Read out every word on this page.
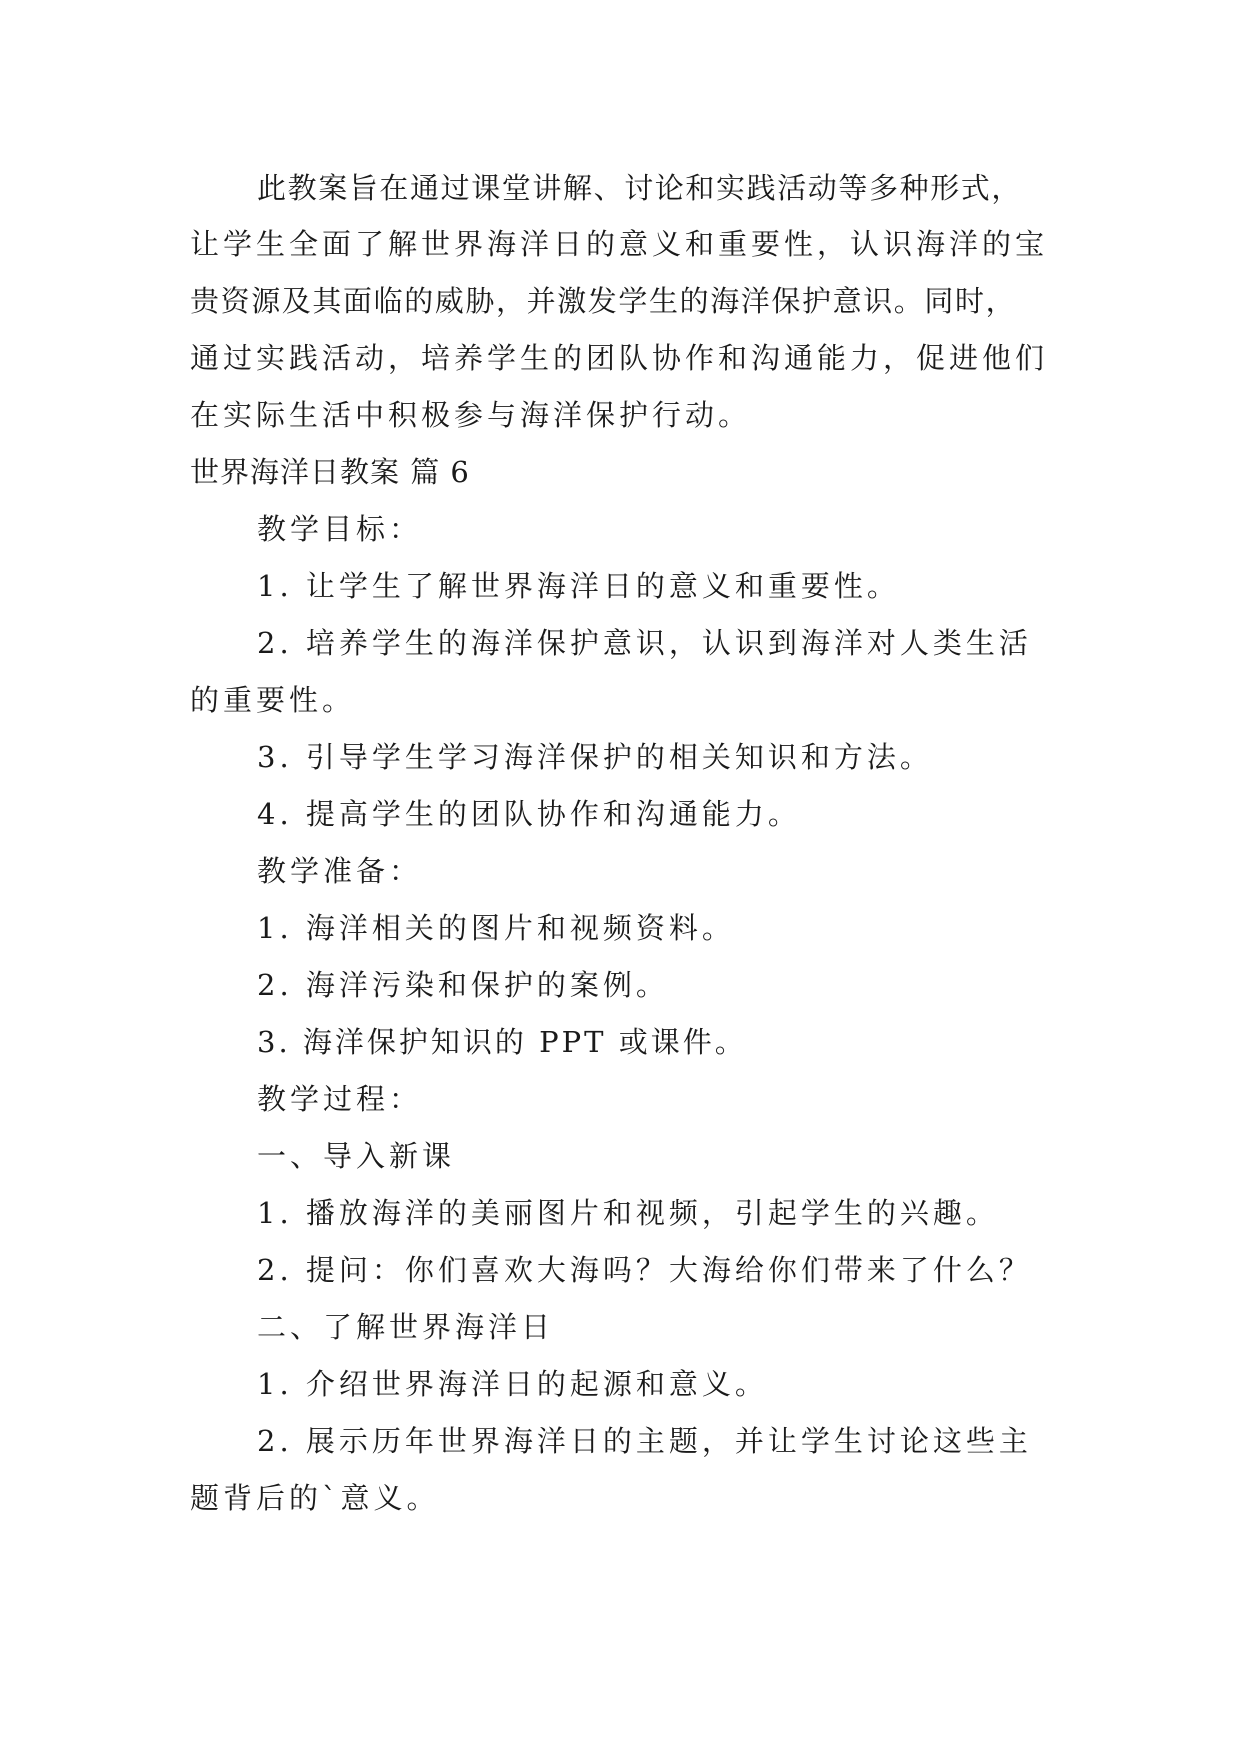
此教案旨在通过课堂讲解、讨论和实践活动等多种形式，
让学生全面了解世界海洋日的意义和重要性，认识海洋的宝
贵资源及其面临的威胁，并激发学生的海洋保护意识。同时，
通过实践活动，培养学生的团队协作和沟通能力，促进他们
在实际生活中积极参与海洋保护行动。
世界海洋日教案 篇 6
教学目标：
1. 让学生了解世界海洋日的意义和重要性。
2. 培养学生的海洋保护意识，认识到海洋对人类生活
的重要性。
3. 引导学生学习海洋保护的相关知识和方法。
4. 提高学生的团队协作和沟通能力。
教学准备：
1. 海洋相关的图片和视频资料。
2. 海洋污染和保护的案例。
3. 海洋保护知识的 PPT 或课件。
教学过程：
一、导入新课
1. 播放海洋的美丽图片和视频，引起学生的兴趣。
2. 提问：你们喜欢大海吗？大海给你们带来了什么？
二、了解世界海洋日
1. 介绍世界海洋日的起源和意义。
2. 展示历年世界海洋日的主题，并让学生讨论这些主
题背后的`意义。
